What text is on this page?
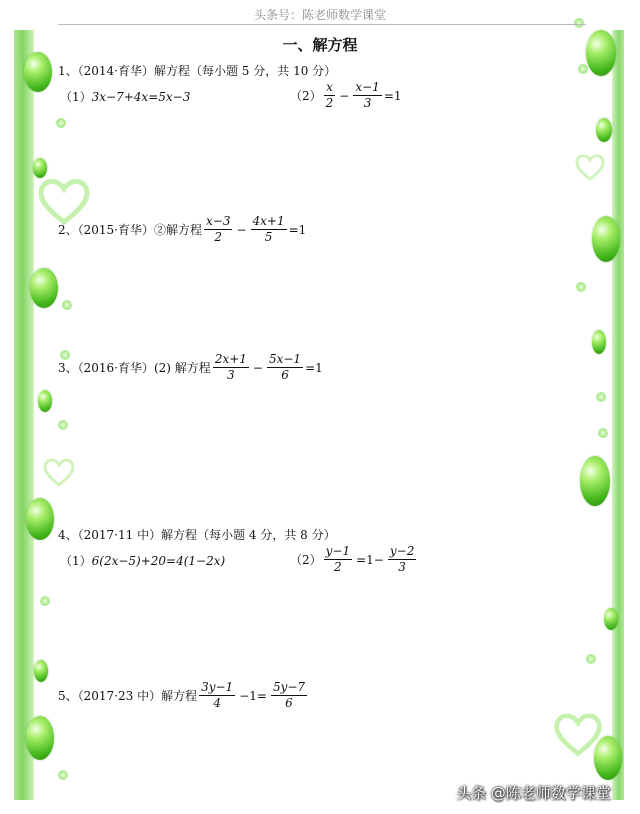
头条号：陈老师数学课堂
一、解方程
1、（2014·育华）解方程（每小题 5 分，共 10 分）
（1） 3x−7+4x=5x−3	$(2) \frac{x}{2} - \frac{x-1}{3} =1$
2、（2015·育华）②解方程 $\frac{x-3}{2} - \frac{4x+1}{5} =1$
3、（2016·育华）(2) 解方程 $\frac{2x+1}{3} - \frac{5x-1}{6} =1$
4、（2017·11 中）解方程（每小题 4 分，共 8 分）
（1） 6(2x−5)+20=4(1−2x)	$(2) \frac{y-1}{2} =1- \frac{y-2}{3}$
5、（2017·23 中）解方程 $\frac{3y-1}{4} -1= \frac{5y-7}{6}$
头条 @陈老师数学课堂
